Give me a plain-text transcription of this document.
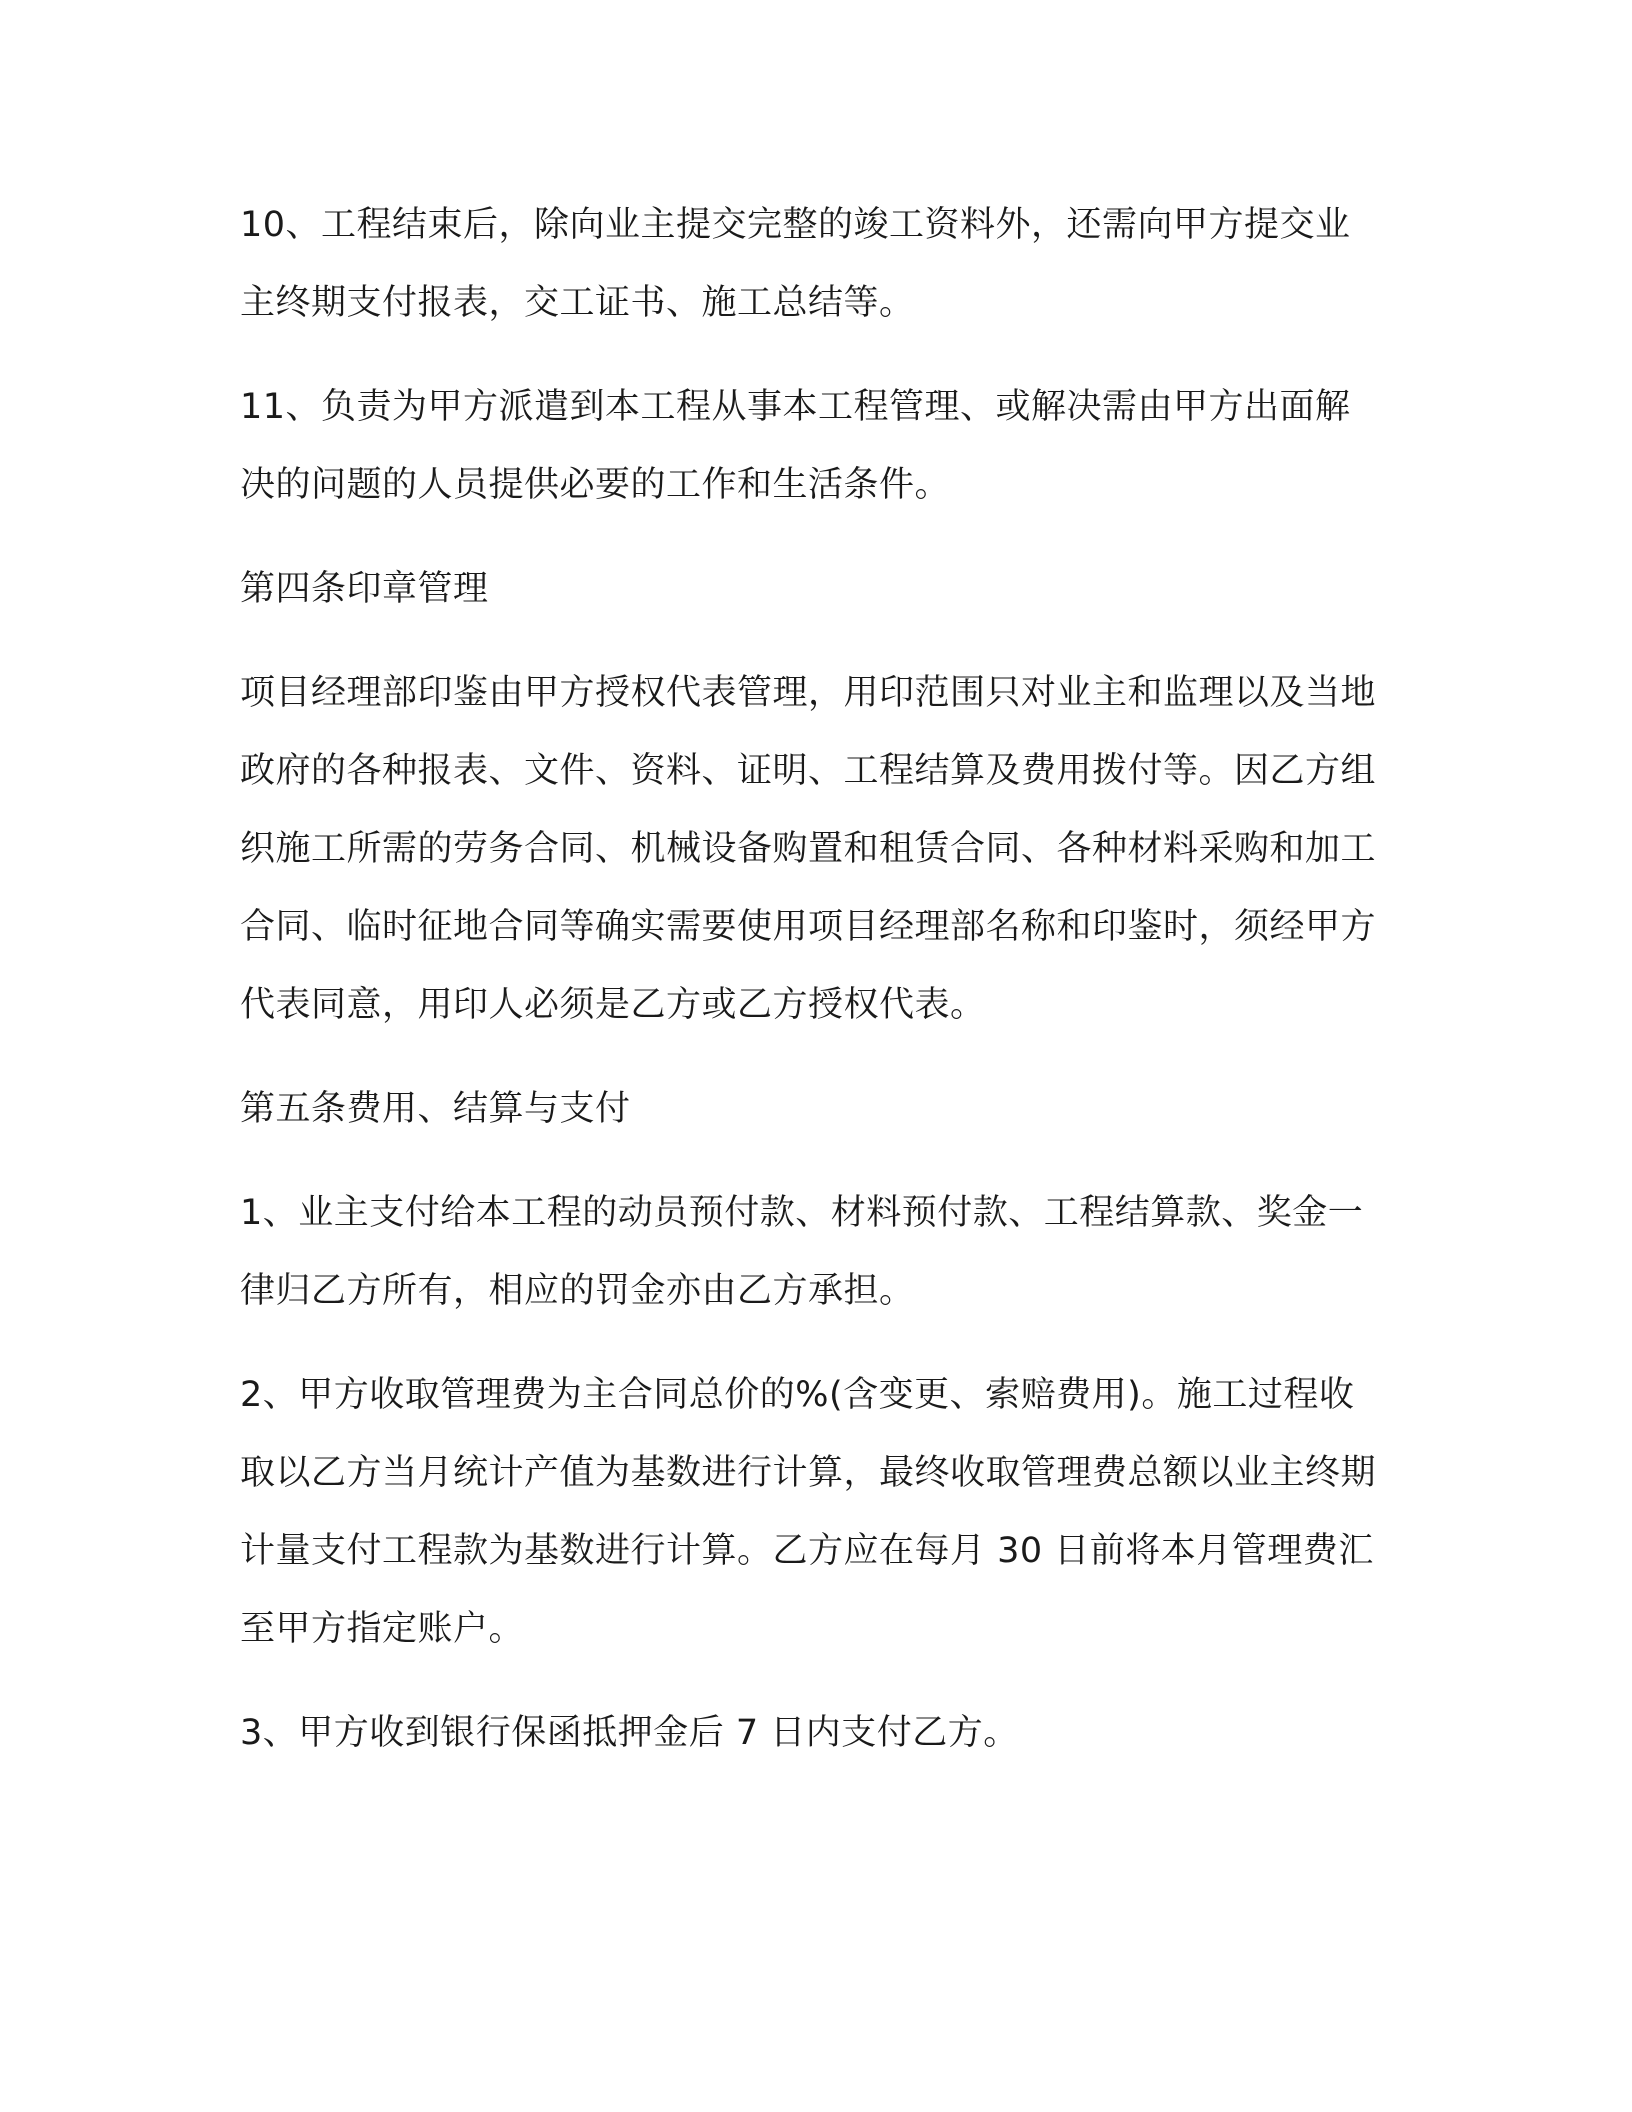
10、工程结束后，除向业主提交完整的竣工资料外，还需向甲方提交业主终期支付报表，交工证书、施工总结等。

11、负责为甲方派遣到本工程从事本工程管理、或解决需由甲方出面解决的问题的人员提供必要的工作和生活条件。

第四条印章管理

项目经理部印鉴由甲方授权代表管理，用印范围只对业主和监理以及当地政府的各种报表、文件、资料、证明、工程结算及费用拨付等。因乙方组织施工所需的劳务合同、机械设备购置和租赁合同、各种材料采购和加工合同、临时征地合同等确实需要使用项目经理部名称和印鉴时，须经甲方代表同意，用印人必须是乙方或乙方授权代表。

第五条费用、结算与支付

1、业主支付给本工程的动员预付款、材料预付款、工程结算款、奖金一律归乙方所有，相应的罚金亦由乙方承担。

2、甲方收取管理费为主合同总价的%(含变更、索赔费用)。施工过程收取以乙方当月统计产值为基数进行计算，最终收取管理费总额以业主终期计量支付工程款为基数进行计算。乙方应在每月 30 日前将本月管理费汇至甲方指定账户。

3、甲方收到银行保函抵押金后 7 日内支付乙方。
